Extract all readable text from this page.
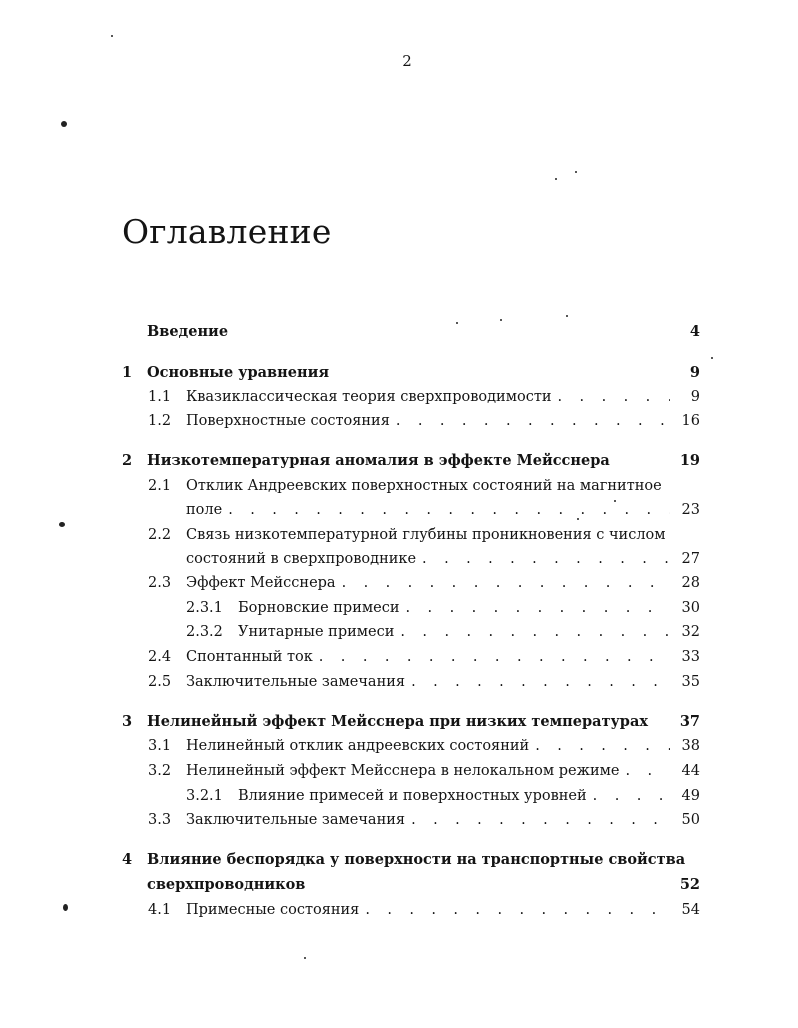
2
Оглавление
Введение	4
1 Основные уравнения	9
1.1 Квазиклассическая теория сверхпроводимости . . .	9
1.2 Поверхностные состояния . . .	16
2 Низкотемпературная аномалия в эффекте Мейсснера	19
2.1 Отклик Андреевских поверхностных состояний на магнитное
поле . . .	23
2.2 Связь низкотемпературной глубины проникновения с числом
состояний в сверхпроводнике . . .	27
2.3 Эффект Мейсснера . . .	28
2.3.1 Борновские примеси . . .	30
2.3.2 Унитарные примеси . . .	32
2.4 Спонтанный ток . . .	33
2.5 Заключительные замечания . . .	35
3 Нелинейный эффект Мейсснера при низких температурах 37
3.1 Нелинейный отклик андреевских состояний . . .	38
3.2 Нелинейный эффект Мейсснера в нелокальном режиме . . .	44
3.2.1 Влияние примесей и поверхностных уровней . . .	49
3.3 Заключительные замечания . . .	50
4 Влияние беспорядка у поверхности на транспортные свойства
сверхпроводников	52
4.1 Примесные состояния . . .	54
